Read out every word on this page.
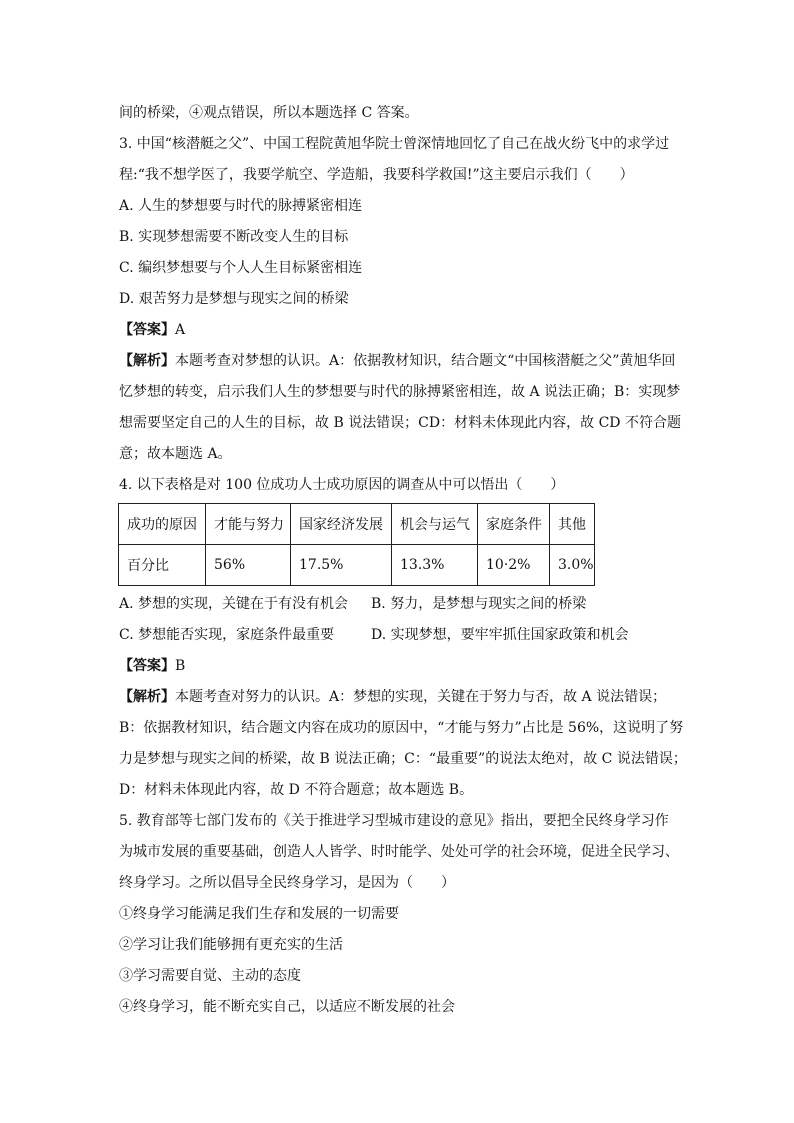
间的桥梁，④观点错误，所以本题选择 C 答案。
3. 中国“核潜艇之父”、中国工程院黄旭华院士曾深情地回忆了自己在战火纷飞中的求学过
程:“我不想学医了，我要学航空、学造船，我要科学救国!”这主要启示我们（　　）
A. 人生的梦想要与时代的脉搏紧密相连
B. 实现梦想需要不断改变人生的目标
C. 编织梦想要与个人人生目标紧密相连
D. 艰苦努力是梦想与现实之间的桥梁
【答案】A
【解析】本题考查对梦想的认识。A：依据教材知识，结合题文“中国核潜艇之父”黄旭华回
忆梦想的转变，启示我们人生的梦想要与时代的脉搏紧密相连，故 A 说法正确；B：实现梦
想需要坚定自己的人生的目标，故 B 说法错误；CD：材料未体现此内容，故 CD 不符合题
意；故本题选 A。
4. 以下表格是对 100 位成功人士成功原因的调查从中可以悟出（　　）
成功的原因	才能与努力	国家经济发展	机会与运气	家庭条件	其他
百分比	56%	17.5%	13.3%	10·2%	3.0%
A. 梦想的实现，关键在于有没有机会 B. 努力，是梦想与现实之间的桥梁
C. 梦想能否实现，家庭条件最重要	D. 实现梦想，要牢牢抓住国家政策和机会
【答案】B
【解析】本题考查对努力的认识。A：梦想的实现，关键在于努力与否，故 A 说法错误；
B：依据教材知识，结合题文内容在成功的原因中，“才能与努力”占比是 56%，这说明了努
力是梦想与现实之间的桥梁，故 B 说法正确；C：“最重要”的说法太绝对，故 C 说法错误；
D：材料未体现此内容，故 D 不符合题意；故本题选 B。
5. 教育部等七部门发布的《关于推进学习型城市建设的意见》指出，要把全民终身学习作
为城市发展的重要基础，创造人人皆学、时时能学、处处可学的社会环境，促进全民学习、
终身学习。之所以倡导全民终身学习，是因为（　　）
①终身学习能满足我们生存和发展的一切需要
②学习让我们能够拥有更充实的生活
③学习需要自觉、主动的态度
④终身学习，能不断充实自己，以适应不断发展的社会
